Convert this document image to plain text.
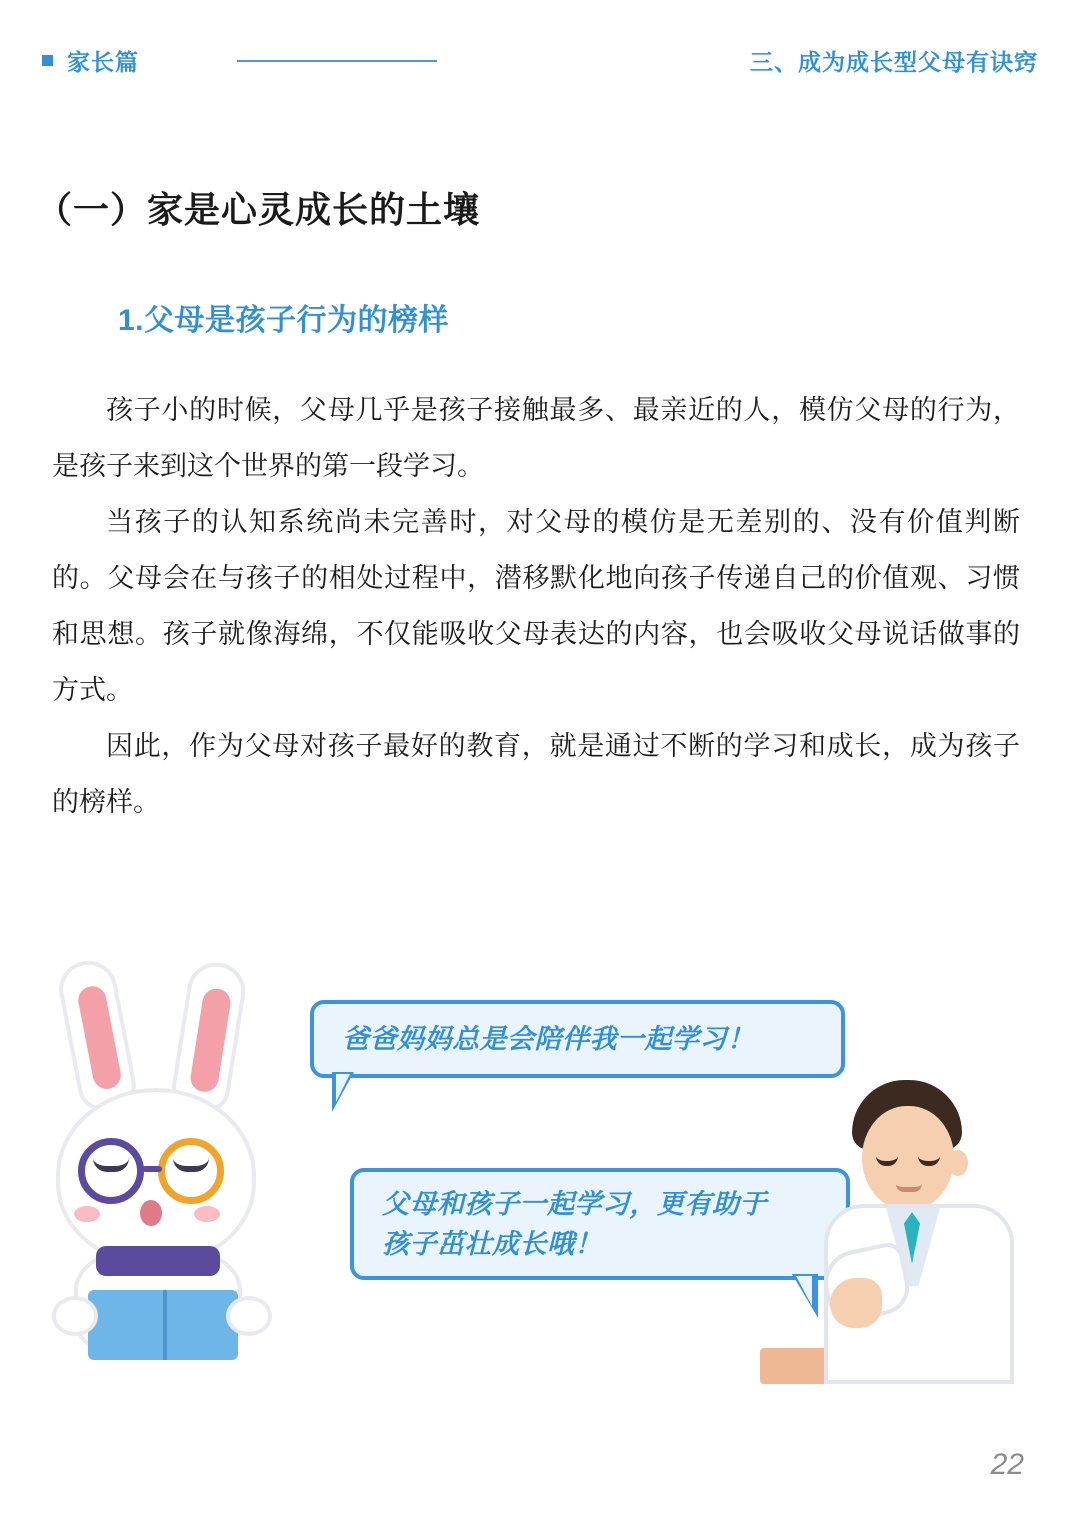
家长篇	三、成为成长型父母有诀窍
（一）家是心灵成长的土壤
1.父母是孩子行为的榜样

孩子小的时候，父母几乎是孩子接触最多、最亲近的人，模仿父母的行为，是孩子来到这个世界的第一段学习。

当孩子的认知系统尚未完善时，对父母的模仿是无差别的、没有价值判断的。父母会在与孩子的相处过程中，潜移默化地向孩子传递自己的价值观、习惯和思想。孩子就像海绵，不仅能吸收父母表达的内容，也会吸收父母说话做事的方式。

因此，作为父母对孩子最好的教育，就是通过不断的学习和成长，成为孩子的榜样。

爸爸妈妈总是会陪伴我一起学习！
父母和孩子一起学习，更有助于
孩子茁壮成长哦！
22
